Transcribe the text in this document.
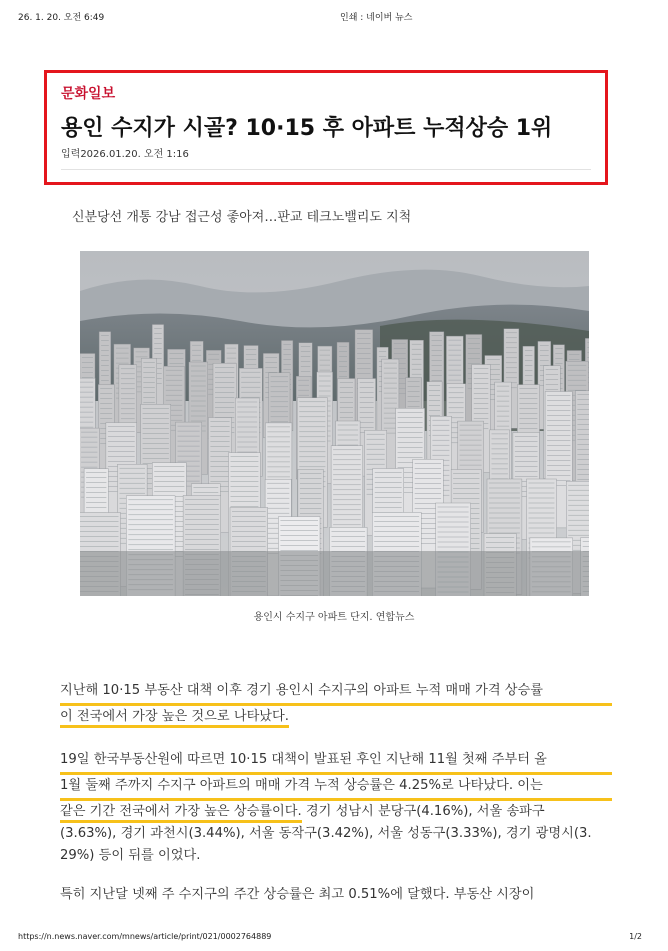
26. 1. 20. 오전 6:49	인쇄 : 네이버 뉴스
문화일보
용인 수지가 시골? 10·15 후 아파트 누적상승 1위
입력2026.01.20. 오전 1:16
신분당선 개통 강남 접근성 좋아져…판교 테크노밸리도 지척
용인시 수지구 아파트 단지. 연합뉴스
지난해 10·15 부동산 대책 이후 경기 용인시 수지구의 아파트 누적 매매 가격 상승률
이 전국에서 가장 높은 것으로 나타났다.
19일 한국부동산원에 따르면 10·15 대책이 발표된 후인 지난해 11월 첫째 주부터 올
1월 둘째 주까지 수지구 아파트의 매매 가격 누적 상승률은 4.25%로 나타났다. 이는
같은 기간 전국에서 가장 높은 상승률이다. 경기 성남시 분당구(4.16%), 서울 송파구
(3.63%), 경기 과천시(3.44%), 서울 동작구(3.42%), 서울 성동구(3.33%), 경기 광명시(3.
29%) 등이 뒤를 이었다.
특히 지난달 넷째 주 수지구의 주간 상승률은 최고 0.51%에 달했다. 부동산 시장이
https://n.news.naver.com/mnews/article/print/021/0002764889	1/2
